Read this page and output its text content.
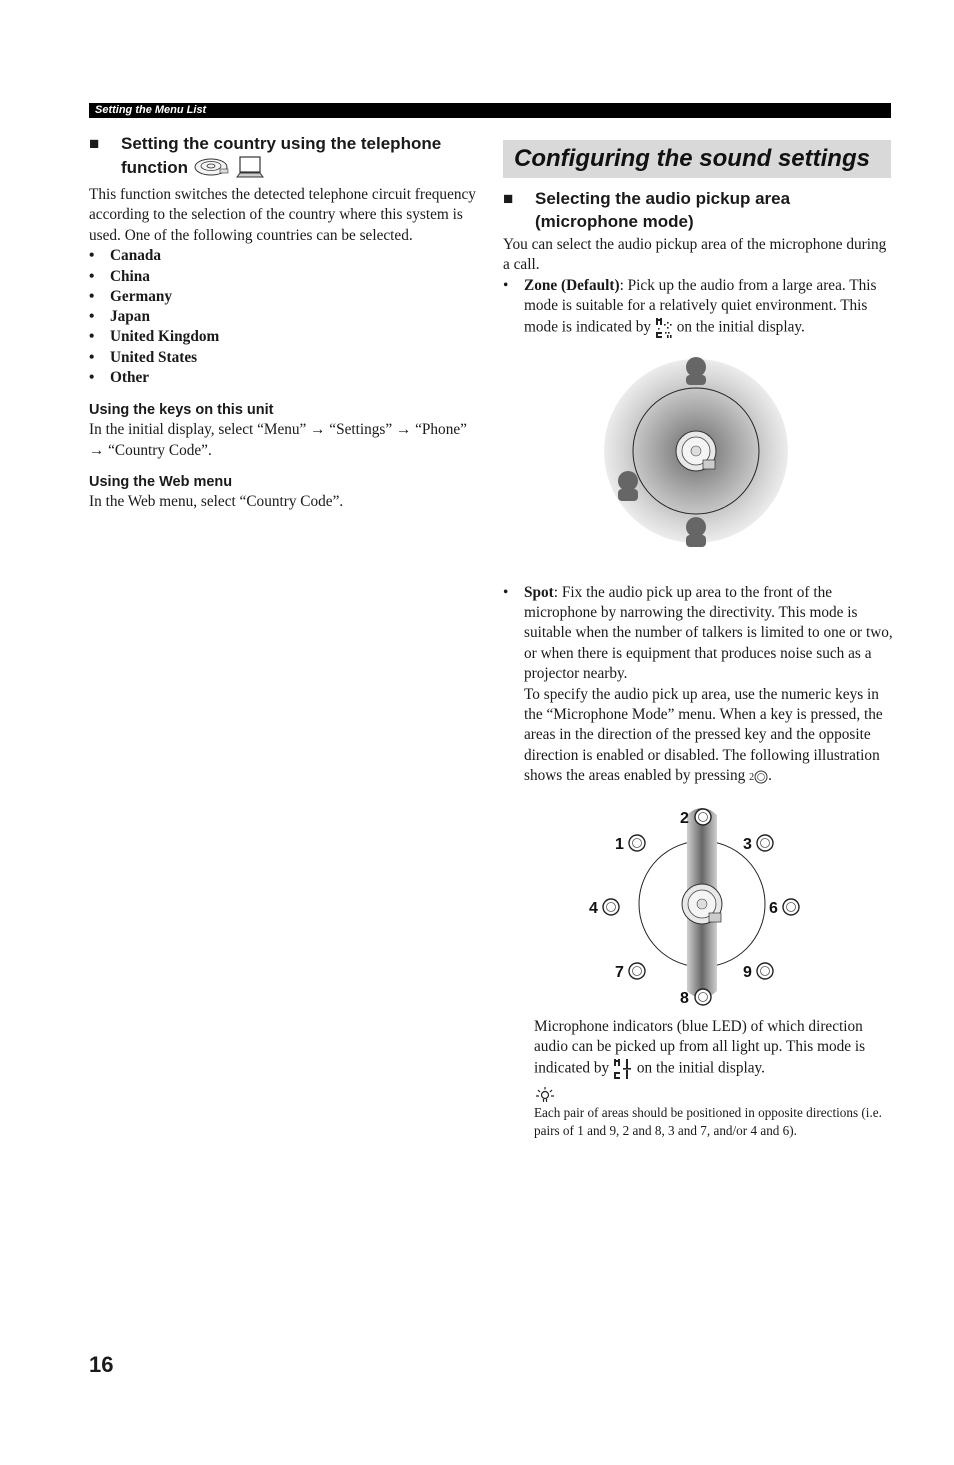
Setting the Menu List
■ Setting the country using the telephone
function

This function switches the detected telephone circuit frequency according to the selection of the country where this system is used. One of the following countries can be selected.

• Canada
• China
• Germany
• Japan
• United Kingdom
• United States
• Other
Using the keys on this unit

In the initial display, select “Menu” → “Settings” → “Phone” → “Country Code”.

Using the Web menu

In the Web menu, select “Country Code”.

Configuring the sound settings
■ Selecting the audio pickup area
(microphone mode)

You can select the audio pickup area of the microphone during a call.

• Zone (Default): Pick up the audio from a large area. This mode is suitable for a relatively quiet environment. This mode is indicated by on the initial display.
• Spot: Fix the audio pick up area to the front of the microphone by narrowing the directivity. This mode is suitable when the number of talkers is limited to one or two, or when there is equipment that produces noise such as a projector nearby.
To specify the audio pick up area, use the numeric keys in the “Microphone Mode” menu. When a key is pressed, the areas in the direction of the pressed key and the opposite direction is enabled or disabled. The following illustration shows the areas enabled by pressing 2 .
2
1	3
4	6
7	9
8

Microphone indicators (blue LED) of which direction audio can be picked up from all light up. This mode is indicated by on the initial display.

Each pair of areas should be positioned in opposite directions (i.e. pairs of 1 and 9, 2 and 8, 3 and 7, and/or 4 and 6).

16
